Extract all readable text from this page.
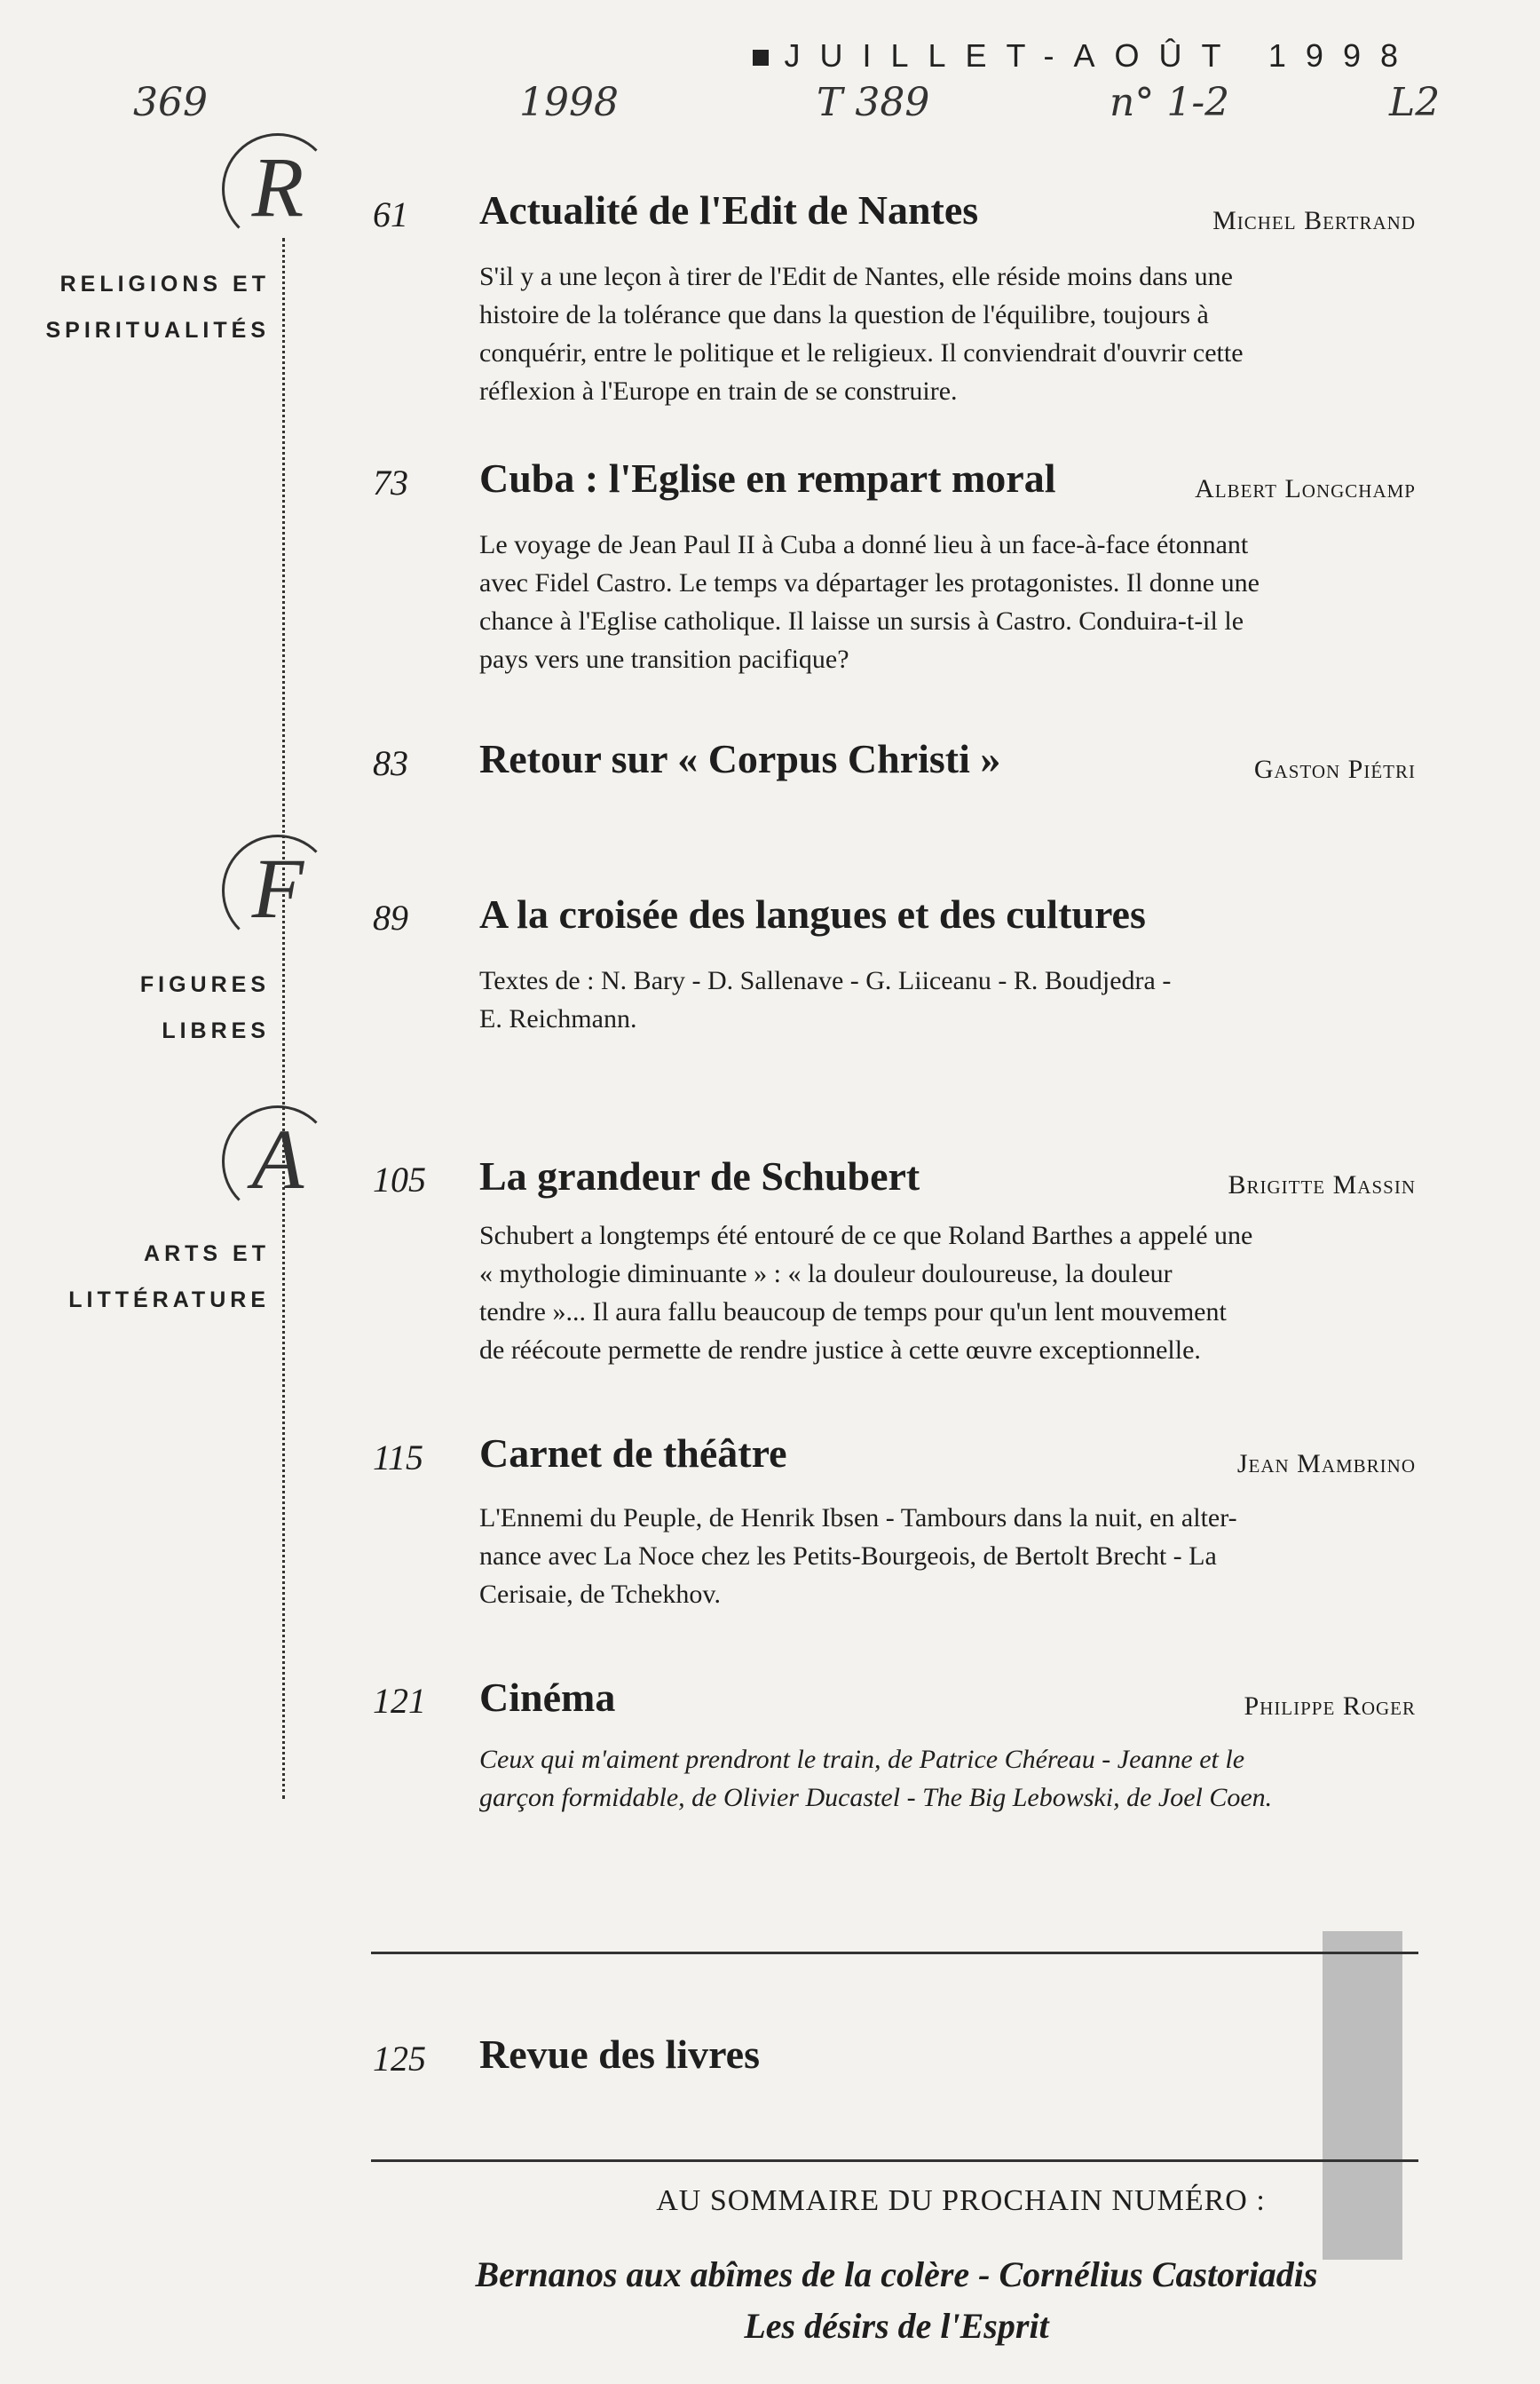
JUILLET-AOÛT 1998
369	1998	T 389	n° 1-2	L2
R
RELIGIONS ET
SPIRITUALITÉS
F
FIGURES
LIBRES
A
ARTS ET
LITTÉRATURE
61 Actualité de l'Edit de Nantes	Michel Bertrand
S'il y a une leçon à tirer de l'Edit de Nantes, elle réside moins dans une
histoire de la tolérance que dans la question de l'équilibre, toujours à
conquérir, entre le politique et le religieux. Il conviendrait d'ouvrir cette
réflexion à l'Europe en train de se construire.
73 Cuba : l'Eglise en rempart moral	Albert Longchamp
Le voyage de Jean Paul II à Cuba a donné lieu à un face-à-face étonnant
avec Fidel Castro. Le temps va départager les protagonistes. Il donne une
chance à l'Eglise catholique. Il laisse un sursis à Castro. Conduira-t-il le
pays vers une transition pacifique?
83 Retour sur « Corpus Christi »	Gaston Piétri
89 A la croisée des langues et des cultures
Textes de : N. Bary - D. Sallenave - G. Liiceanu - R. Boudjedra -
E. Reichmann.
105 La grandeur de Schubert	Brigitte Massin
Schubert a longtemps été entouré de ce que Roland Barthes a appelé une
« mythologie diminuante » : « la douleur douloureuse, la douleur
tendre »... Il aura fallu beaucoup de temps pour qu'un lent mouvement
de réécoute permette de rendre justice à cette œuvre exceptionnelle.
115 Carnet de théâtre	Jean Mambrino
L'Ennemi du Peuple, de Henrik Ibsen - Tambours dans la nuit, en alter-
nance avec La Noce chez les Petits-Bourgeois, de Bertolt Brecht - La
Cerisaie, de Tchekhov.
121 Cinéma	Philippe Roger
Ceux qui m'aiment prendront le train, de Patrice Chéreau - Jeanne et le
garçon formidable, de Olivier Ducastel - The Big Lebowski, de Joel Coen.
125 Revue des livres
AU SOMMAIRE DU PROCHAIN NUMÉRO :
Bernanos aux abîmes de la colère - Cornélius Castoriadis
Les désirs de l'Esprit
